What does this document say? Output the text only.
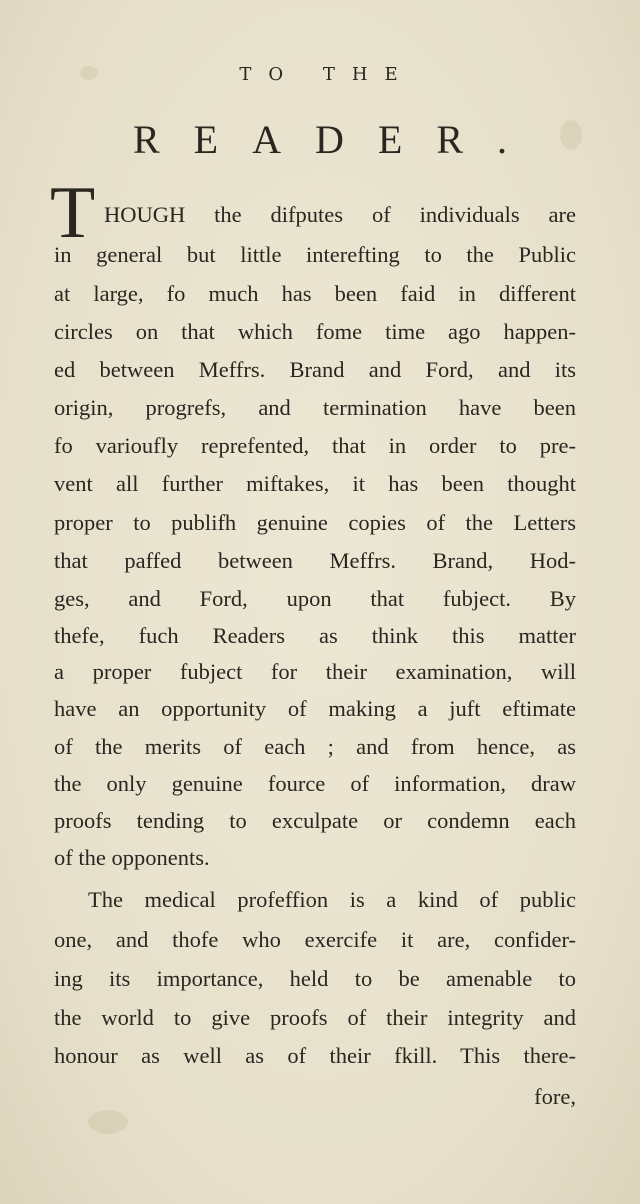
TO THE
READER.
T HOUGH the difputes of individuals are
in general but little interefting to the Public
at large, fo much has been faid in different
circles on that which fome time ago happen-
ed between Meffrs. Brand and Ford, and its
origin, progrefs, and termination have been
fo varioufly reprefented, that in order to pre-
vent all further miftakes, it has been thought
proper to publifh genuine copies of the Letters
that paffed between Meffrs. Brand, Hod-
ges, and Ford, upon that fubject. By
thefe, fuch Readers as think this matter
a proper fubject for their examination, will
have an opportunity of making a juft eftimate
of the merits of each ; and from hence, as
the only genuine fource of information, draw
proofs tending to exculpate or condemn each
of the opponents.
The medical profeffion is a kind of public
one, and thofe who exercife it are, confider-
ing its importance, held to be amenable to
the world to give proofs of their integrity and
honour as well as of their fkill. This there-
fore,
